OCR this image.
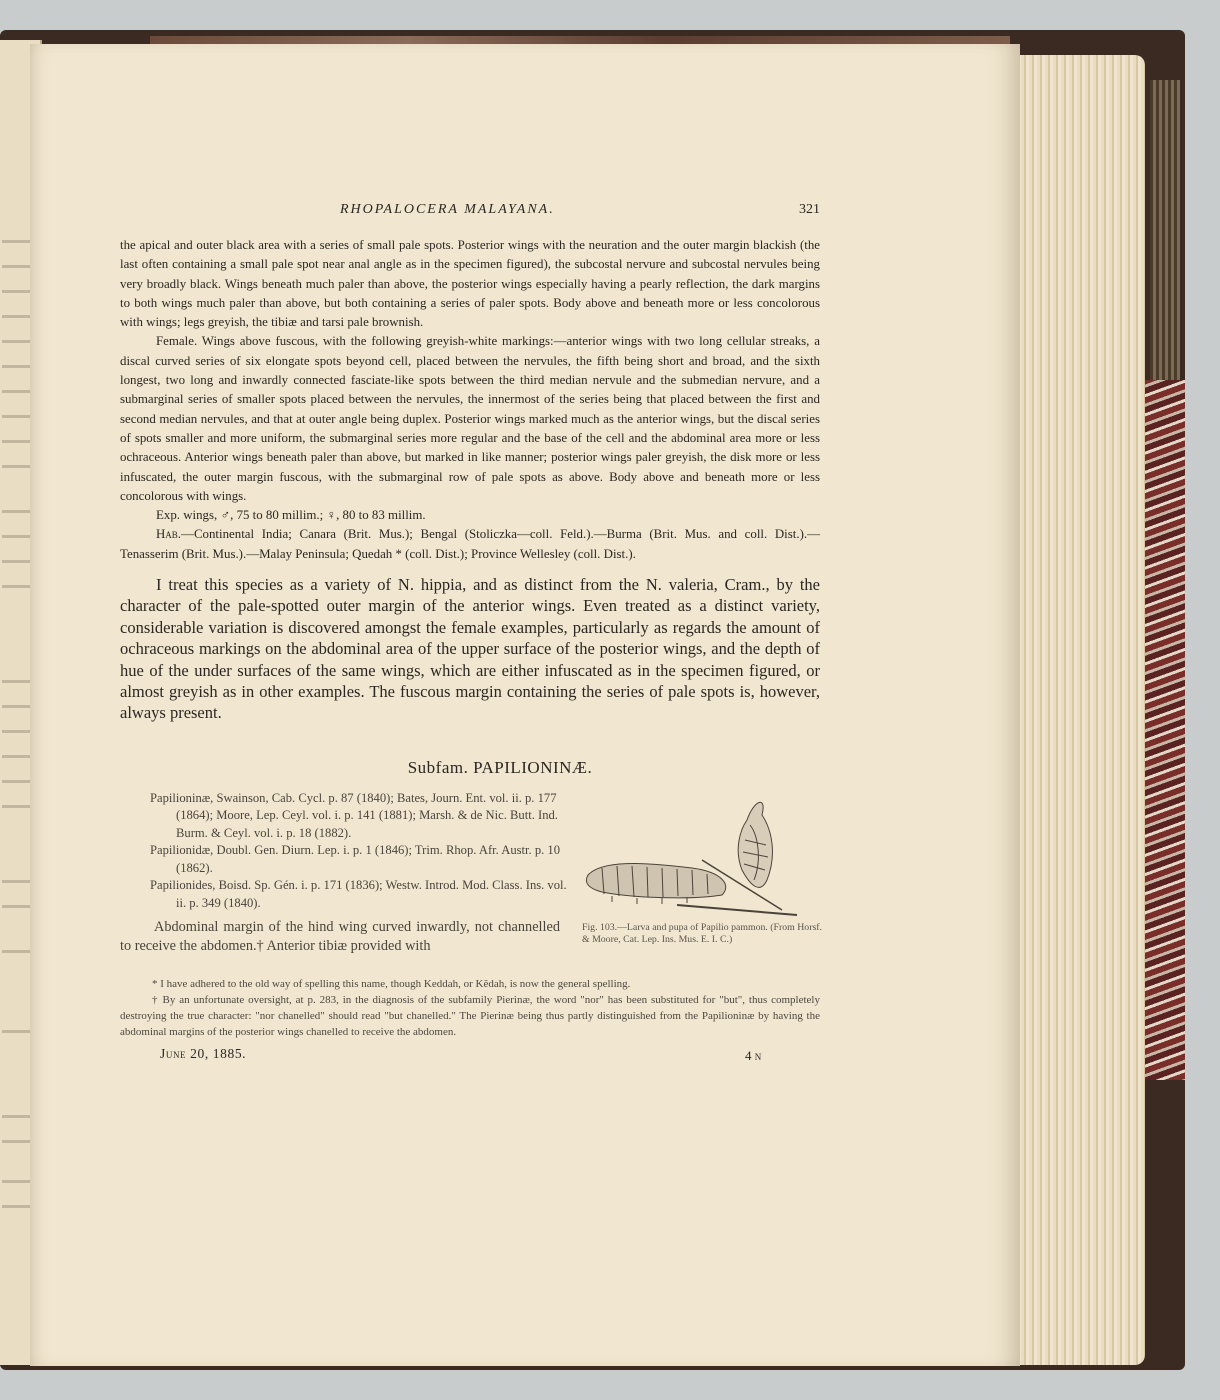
RHOPALOCERA MALAYANA.	321

the apical and outer black area with a series of small pale spots. Posterior wings with the neuration and the outer margin blackish (the last often containing a small pale spot near anal angle as in the specimen figured), the subcostal nervure and subcostal nervules being very broadly black. Wings beneath much paler than above, the posterior wings especially having a pearly reflection, the dark margins to both wings much paler than above, but both containing a series of paler spots. Body above and beneath more or less concolorous with wings; legs greyish, the tibiæ and tarsi pale brownish.

Female. Wings above fuscous, with the following greyish-white markings:—anterior wings with two long cellular streaks, a discal curved series of six elongate spots beyond cell, placed between the nervules, the fifth being short and broad, and the sixth longest, two long and inwardly connected fasciate-like spots between the third median nervule and the submedian nervure, and a submarginal series of smaller spots placed between the nervules, the innermost of the series being that placed between the first and second median nervules, and that at outer angle being duplex. Posterior wings marked much as the anterior wings, but the discal series of spots smaller and more uniform, the submarginal series more regular and the base of the cell and the abdominal area more or less ochraceous. Anterior wings beneath paler than above, but marked in like manner; posterior wings paler greyish, the disk more or less infuscated, the outer margin fuscous, with the submarginal row of pale spots as above. Body above and beneath more or less concolorous with wings.

Exp. wings, ♂, 75 to 80 millim.; ♀, 80 to 83 millim.

Hab.—Continental India; Canara (Brit. Mus.); Bengal (Stoliczka—coll. Feld.).—Burma (Brit. Mus. and coll. Dist.).—Tenasserim (Brit. Mus.).—Malay Peninsula; Quedah * (coll. Dist.); Province Wellesley (coll. Dist.).

I treat this species as a variety of N. hippia, and as distinct from the N. valeria, Cram., by the character of the pale-spotted outer margin of the anterior wings. Even treated as a distinct variety, considerable variation is discovered amongst the female examples, particularly as regards the amount of ochraceous markings on the abdominal area of the upper surface of the posterior wings, and the depth of hue of the under surfaces of the same wings, which are either infuscated as in the specimen figured, or almost greyish as in other examples. The fuscous margin containing the series of pale spots is, however, always present.

Subfam. PAPILIONINÆ.
Papilioninæ, Swainson, Cab. Cycl. p. 87 (1840); Bates, Journ. Ent. vol. ii. p. 177 (1864); Moore, Lep. Ceyl. vol. i. p. 141 (1881); Marsh. & de Nic. Butt. Ind. Burm. & Ceyl. vol. i. p. 18 (1882).
Papilionidæ, Doubl. Gen. Diurn. Lep. i. p. 1 (1846); Trim. Rhop. Afr. Austr. p. 10 (1862).
Papilionides, Boisd. Sp. Gén. i. p. 171 (1836); Westw. Introd. Mod. Class. Ins. vol. ii. p. 349 (1840).
Abdominal margin of the hind wing curved inwardly, not channelled to receive the abdomen.† Anterior tibiæ provided with
Fig. 103.—Larva and pupa of Papilio pammon. (From Horsf. & Moore, Cat. Lep. Ins. Mus. E. I. C.)

* I have adhered to the old way of spelling this name, though Keddah, or Kĕdah, is now the general spelling.

† By an unfortunate oversight, at p. 283, in the diagnosis of the subfamily Pierinæ, the word "nor" has been substituted for "but", thus completely destroying the true character: "nor chanelled" should read "but chanelled." The Pierinæ being thus partly distinguished from the Papilioninæ by having the abdominal margins of the posterior wings chanelled to receive the abdomen.

June 20, 1885.	4 n
